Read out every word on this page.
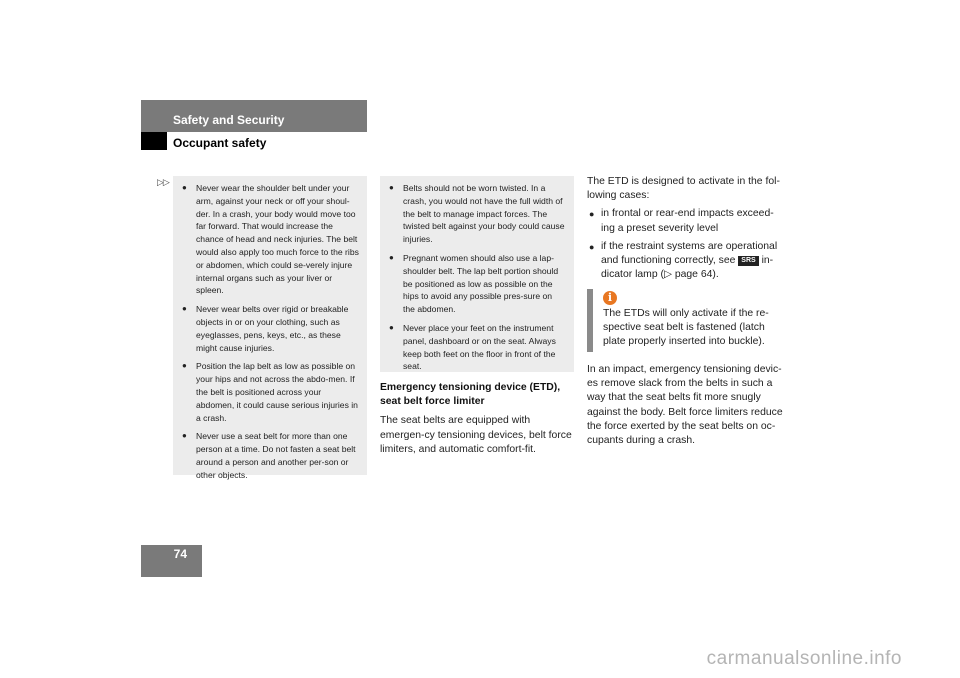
Safety and Security
Occupant safety
▷▷
● Never wear the shoulder belt under your arm, against your neck or off your shoul-der. In a crash, your body would move too far forward. That would increase the chance of head and neck injuries. The belt would also apply too much force to the ribs or abdomen, which could se-verely injure internal organs such as your liver or spleen.
● Never wear belts over rigid or breakable objects in or on your clothing, such as eyeglasses, pens, keys, etc., as these might cause injuries.
● Position the lap belt as low as possible on your hips and not across the abdo-men. If the belt is positioned across your abdomen, it could cause serious injuries in a crash.
● Never use a seat belt for more than one person at a time. Do not fasten a seat belt around a person and another per-son or other objects.
● Belts should not be worn twisted. In a crash, you would not have the full width of the belt to manage impact forces. The twisted belt against your body could cause injuries.
● Pregnant women should also use a lap-shoulder belt. The lap belt portion should be positioned as low as possible on the hips to avoid any possible pres-sure on the abdomen.
● Never place your feet on the instrument panel, dashboard or on the seat. Always keep both feet on the floor in front of the seat.

Emergency tensioning device (ETD), seat belt force limiter

The seat belts are equipped with emergen-cy tensioning devices, belt force limiters, and automatic comfort-fit.

The ETD is designed to activate in the fol-lowing cases:

● in frontal or rear-end impacts exceed-ing a preset severity level
● if the restraint systems are operational and functioning correctly, see SRS in-dicator lamp (▷ page 64).
i

The ETDs will only activate if the re-spective seat belt is fastened (latch plate properly inserted into buckle).

In an impact, emergency tensioning devic-es remove slack from the belts in such a way that the seat belts fit more snugly against the body. Belt force limiters reduce the force exerted by the seat belts on oc-cupants during a crash.

74
carmanualsonline.info
